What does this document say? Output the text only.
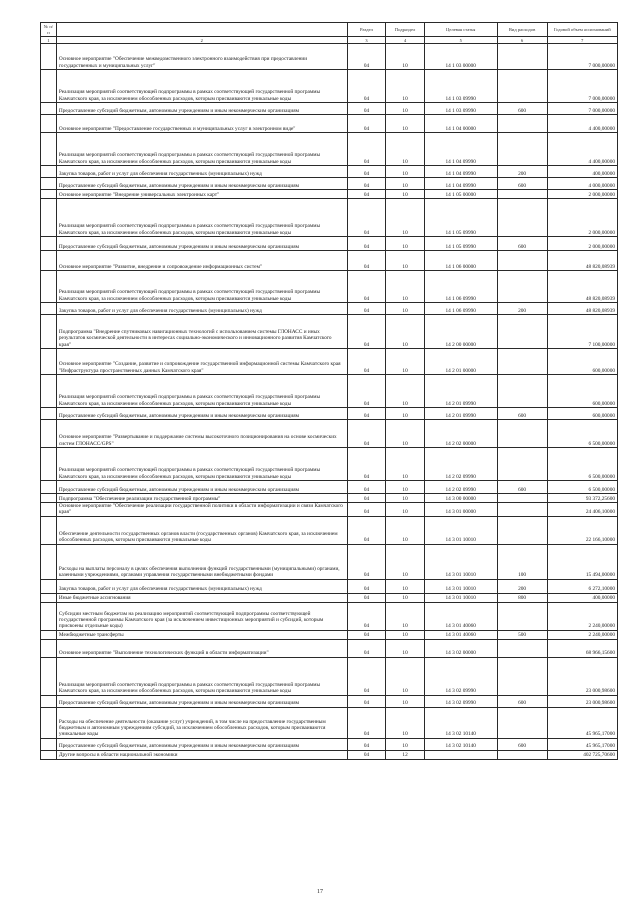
№ п/п		Раздел	Подраздел	Целевая статья	Вид расходов	Годовой объем ассигнований
1	2	3	4	5	6	7
	Основное мероприятие "Обеспечение межведомственного электронного взаимодействия при предоставлении государственных и муниципальных услуг"	04	10	14 1 03 00000		7 000,00000
	Реализация мероприятий соответствующей подпрограммы в рамках соответствующей государственной программы Камчатского края, за исключением обособленных расходов, которым присваиваются уникальные коды	04	10	14 1 03 09990		7 000,00000
	Предоставление субсидий бюджетным, автономным учреждениям и иным некоммерческим организациям	04	10	14 1 03 09990	600	7 000,00000
	Основное мероприятие "Предоставление государственных и муниципальных услуг в электронном виде"	04	10	14 1 04 00000		4 400,00000
	Реализация мероприятий соответствующей подпрограммы в рамках соответствующей государственной программы Камчатского края, за исключением обособленных расходов, которым присваиваются уникальные коды	04	10	14 1 04 09990		4 400,00000
	Закупка товаров, работ и услуг для обеспечения государственных (муниципальных) нужд	04	10	14 1 04 09990	200	400,00000
	Предоставление субсидий бюджетным, автономным учреждениям и иным некоммерческим организациям	04	10	14 1 04 09990	600	4 000,00000
	Основное мероприятие "Внедрение универсальных электронных карт"	04	10	14 1 05 00000		2 000,00000
	Реализация мероприятий соответствующей подпрограммы в рамках соответствующей государственной программы Камчатского края, за исключением обособленных расходов, которым присваиваются уникальные коды	04	10	14 1 05 09990		2 000,00000
	Предоставление субсидий бюджетным, автономным учреждениям и иным некоммерческим организациям	04	10	14 1 05 09990	600	2 000,00000
	Основное мероприятие "Развитие, внедрение и сопровождение информационных систем"	04	10	14 1 06 00000		48 820,08939
	Реализация мероприятий соответствующей подпрограммы в рамках соответствующей государственной программы Камчатского края, за исключением обособленных расходов, которым присваиваются уникальные коды	04	10	14 1 06 09990		48 820,08939
	Закупка товаров, работ и услуг для обеспечения государственных (муниципальных) нужд	04	10	14 1 06 09990	200	48 820,08939
	Подпрограмма "Внедрение спутниковых навигационных технологий с использованием системы ГЛОНАСС и иных результатов космической деятельности в интересах социально-экономического и инновационного развития Камчатского края"	04	10	14 2 00 00000		7 100,00000
	Основное мероприятие "Создание, развитие и сопровождение государственной информационной системы Камчатского края "Инфраструктура пространственных данных Камчатского края"	04	10	14 2 01 00000		600,00000
	Реализация мероприятий соответствующей подпрограммы в рамках соответствующей государственной программы Камчатского края, за исключением обособленных расходов, которым присваиваются уникальные коды	04	10	14 2 01 09990		600,00000
	Предоставление субсидий бюджетным, автономным учреждениям и иным некоммерческим организациям	04	10	14 2 01 09990	600	600,00000
	Основное мероприятие "Развертывание и поддержание системы высокоточного позиционирования на основе космических систем ГЛОНАСС/GPS"	04	10	14 2 02 00000		6 500,00000
	Реализация мероприятий соответствующей подпрограммы в рамках соответствующей государственной программы Камчатского края, за исключением обособленных расходов, которым присваиваются уникальные коды	04	10	14 2 02 09990		6 500,00000
	Предоставление субсидий бюджетным, автономным учреждениям и иным некоммерческим организациям	04	10	14 2 02 09990	600	6 500,00000
	Подпрограмма "Обеспечение реализации государственной программы"	04	10	14 3 00 00000		93 372,25600
	Основное мероприятие "Обеспечение реализации государственной политики в области информатизации и связи Камчатского края"	04	10	14 3 01 00000		24 406,10000
	Обеспечение деятельности государственных органов власти (государственных органов) Камчатского края, за исключением обособленных расходов, которым присваиваются уникальные коды	04	10	14 3 01 10010		22 166,10000
	Расходы на выплаты персоналу в целях обеспечения выполнения функций государственными (муниципальными) органами, казенными учреждениями, органами управления государственными внебюджетными фондами	04	10	14 3 01 10010	100	15 494,00000
	Закупка товаров, работ и услуг для обеспечения государственных (муниципальных) нужд	04	10	14 3 01 10010	200	6 272,10000
	Иные бюджетные ассигнования	04	10	14 3 01 10010	800	400,00000
	Субсидии местным бюджетам на реализацию мероприятий соответствующей подпрограммы соответствующей государственной программы Камчатского края (за исключением инвестиционных мероприятий и субсидий, которым присвоены отдельные коды)	04	10	14 3 01 40060		2 240,00000
	Межбюджетные трансферты	04	10	14 3 01 40060	500	2 240,00000
	Основное мероприятие "Выполнение технологических функций в области информатизации"	04	10	14 3 02 00000		68 966,15600
	Реализация мероприятий соответствующей подпрограммы в рамках соответствующей государственной программы Камчатского края, за исключением обособленных расходов, которым присваиваются уникальные коды	04	10	14 3 02 09990		23 000,98600
	Предоставление субсидий бюджетным, автономным учреждениям и иным некоммерческим организациям	04	10	14 3 02 09990	600	23 000,98600
	Расходы на обеспечение деятельности (оказание услуг) учреждений, в том числе на предоставление государственным бюджетным и автономным учреждениям субсидий, за исключением обособленных расходов, которым присваиваются уникальные коды	04	10	14 3 02 10140		45 965,17000
	Предоставление субсидий бюджетным, автономным учреждениям и иным некоммерческим организациям	04	10	14 3 02 10140	600	45 965,17000
	Другие вопросы в области национальной экономики	04	12			402 725,70600
17
